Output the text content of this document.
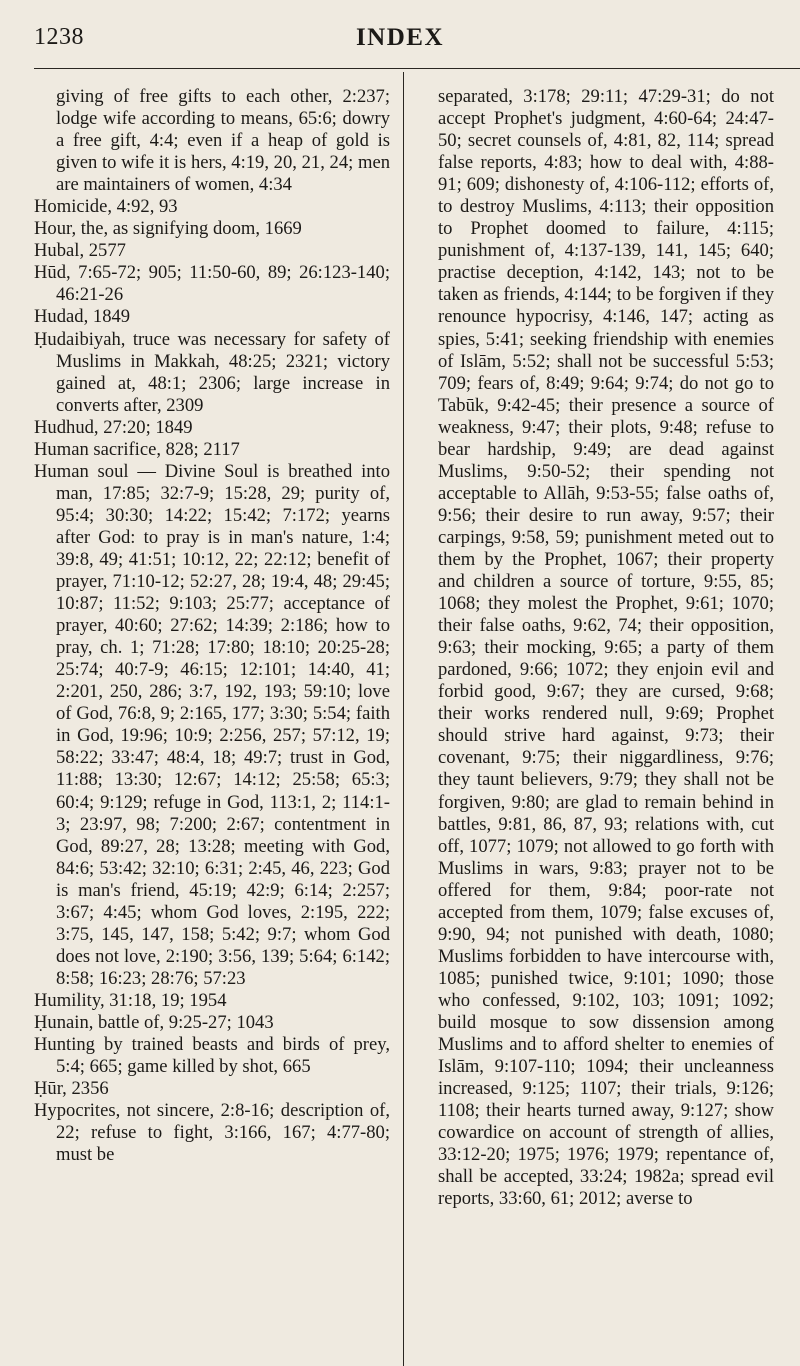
1238	INDEX

giving of free gifts to each other, 2:237; lodge wife according to means, 65:6; dowry a free gift, 4:4; even if a heap of gold is given to wife it is hers, 4:19, 20, 21, 24; men are maintainers of women, 4:34

Homicide, 4:92, 93

Hour, the, as signifying doom, 1669

Hubal, 2577

Hūd, 7:65-72; 905; 11:50-60, 89; 26:123-140; 46:21-26

Hudad, 1849

Ḥudaibiyah, truce was necessary for safety of Muslims in Makkah, 48:25; 2321; victory gained at, 48:1; 2306; large increase in converts after, 2309

Hudhud, 27:20; 1849

Human sacrifice, 828; 2117

Human soul — Divine Soul is breathed into man, 17:85; 32:7-9; 15:28, 29; purity of, 95:4; 30:30; 14:22; 15:42; 7:172; yearns after God: to pray is in man's nature, 1:4; 39:8, 49; 41:51; 10:12, 22; 22:12; benefit of prayer, 71:10-12; 52:27, 28; 19:4, 48; 29:45; 10:87; 11:52; 9:103; 25:77; acceptance of prayer, 40:60; 27:62; 14:39; 2:186; how to pray, ch. 1; 71:28; 17:80; 18:10; 20:25-28; 25:74; 40:7-9; 46:15; 12:101; 14:40, 41; 2:201, 250, 286; 3:7, 192, 193; 59:10; love of God, 76:8, 9; 2:165, 177; 3:30; 5:54; faith in God, 19:96; 10:9; 2:256, 257; 57:12, 19; 58:22; 33:47; 48:4, 18; 49:7; trust in God, 11:88; 13:30; 12:67; 14:12; 25:58; 65:3; 60:4; 9:129; refuge in God, 113:1, 2; 114:1-3; 23:97, 98; 7:200; 2:67; contentment in God, 89:27, 28; 13:28; meeting with God, 84:6; 53:42; 32:10; 6:31; 2:45, 46, 223; God is man's friend, 45:19; 42:9; 6:14; 2:257; 3:67; 4:45; whom God loves, 2:195, 222; 3:75, 145, 147, 158; 5:42; 9:7; whom God does not love, 2:190; 3:56, 139; 5:64; 6:142; 8:58; 16:23; 28:76; 57:23

Humility, 31:18, 19; 1954

Ḥunain, battle of, 9:25-27; 1043

Hunting by trained beasts and birds of prey, 5:4; 665; game killed by shot, 665

Ḥūr, 2356

Hypocrites, not sincere, 2:8-16; description of, 22; refuse to fight, 3:166, 167; 4:77-80; must be

separated, 3:178; 29:11; 47:29-31; do not accept Prophet's judgment, 4:60-64; 24:47-50; secret counsels of, 4:81, 82, 114; spread false reports, 4:83; how to deal with, 4:88-91; 609; dishonesty of, 4:106-112; efforts of, to destroy Muslims, 4:113; their opposition to Prophet doomed to failure, 4:115; punishment of, 4:137-139, 141, 145; 640; practise deception, 4:142, 143; not to be taken as friends, 4:144; to be forgiven if they renounce hypocrisy, 4:146, 147; acting as spies, 5:41; seeking friendship with enemies of Islām, 5:52; shall not be successful 5:53; 709; fears of, 8:49; 9:64; 9:74; do not go to Tabūk, 9:42-45; their presence a source of weakness, 9:47; their plots, 9:48; refuse to bear hardship, 9:49; are dead against Muslims, 9:50-52; their spending not acceptable to Allāh, 9:53-55; false oaths of, 9:56; their desire to run away, 9:57; their carpings, 9:58, 59; punishment meted out to them by the Prophet, 1067; their property and children a source of torture, 9:55, 85; 1068; they molest the Prophet, 9:61; 1070; their false oaths, 9:62, 74; their opposition, 9:63; their mocking, 9:65; a party of them pardoned, 9:66; 1072; they enjoin evil and forbid good, 9:67; they are cursed, 9:68; their works rendered null, 9:69; Prophet should strive hard against, 9:73; their covenant, 9:75; their niggardliness, 9:76; they taunt believers, 9:79; they shall not be forgiven, 9:80; are glad to remain behind in battles, 9:81, 86, 87, 93; relations with, cut off, 1077; 1079; not allowed to go forth with Muslims in wars, 9:83; prayer not to be offered for them, 9:84; poor-rate not accepted from them, 1079; false excuses of, 9:90, 94; not punished with death, 1080; Muslims forbidden to have intercourse with, 1085; punished twice, 9:101; 1090; those who confessed, 9:102, 103; 1091; 1092; build mosque to sow dissension among Muslims and to afford shelter to enemies of Islām, 9:107-110; 1094; their uncleanness increased, 9:125; 1107; their trials, 9:126; 1108; their hearts turned away, 9:127; show cowardice on account of strength of allies, 33:12-20; 1975; 1976; 1979; repentance of, shall be accepted, 33:24; 1982a; spread evil reports, 33:60, 61; 2012; averse to
